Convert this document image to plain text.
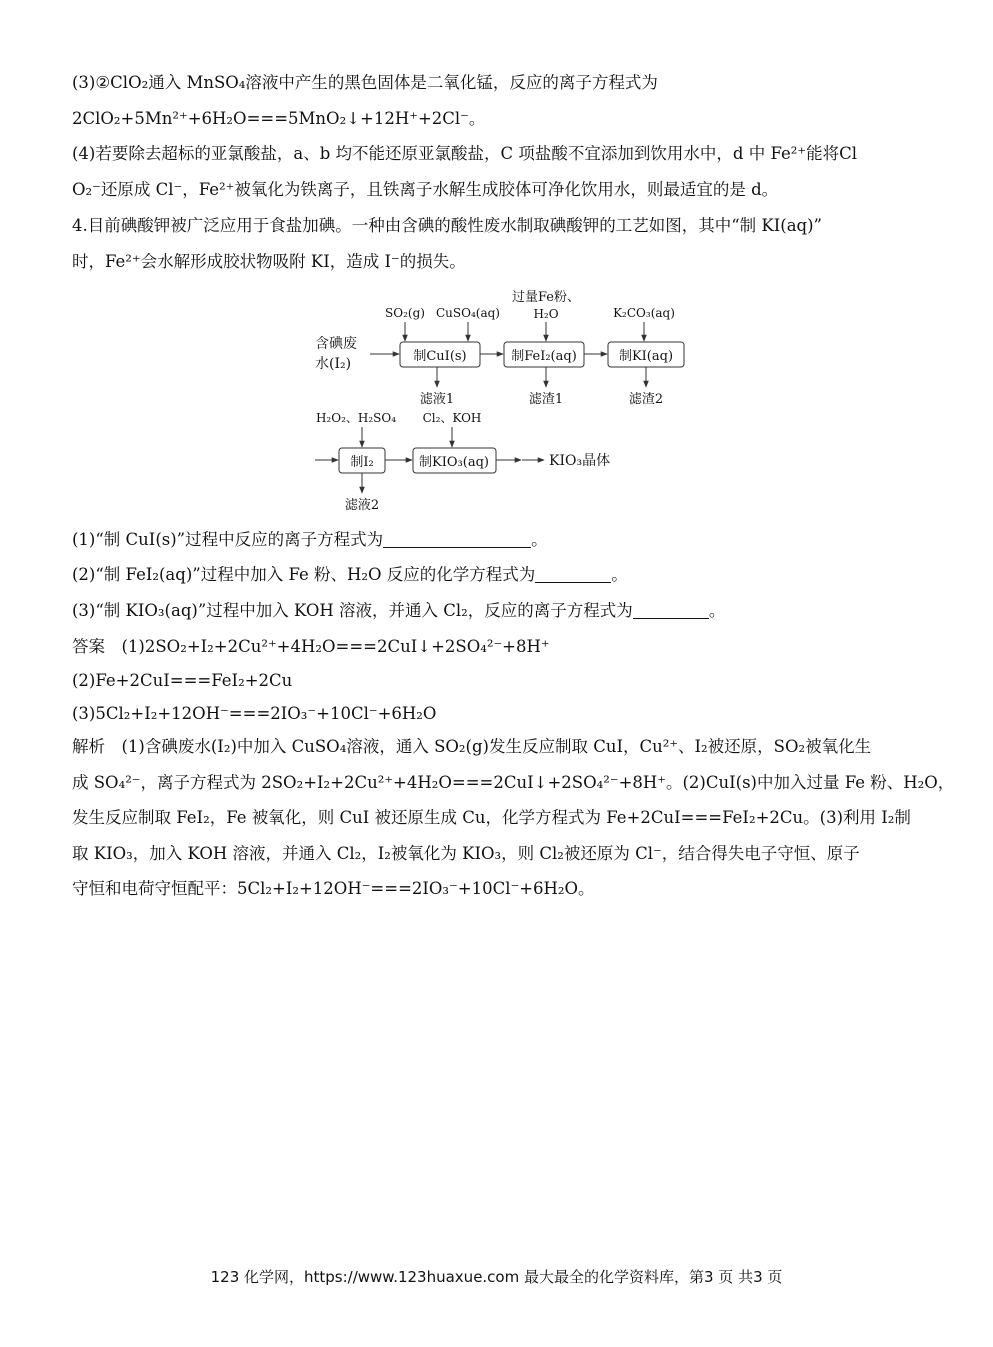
(3)②ClO₂通入 MnSO₄溶液中产生的黑色固体是二氧化锰，反应的离子方程式为
2ClO₂+5Mn²⁺+6H₂O===5MnO₂↓+12H⁺+2Cl⁻。
(4)若要除去超标的亚氯酸盐，a、b 均不能还原亚氯酸盐，C 项盐酸不宜添加到饮用水中，d 中 Fe²⁺能将Cl
O₂⁻还原成 Cl⁻，Fe²⁺被氧化为铁离子，且铁离子水解生成胶体可净化饮用水，则最适宜的是 d。
4.目前碘酸钾被广泛应用于食盐加碘。一种由含碘的酸性废水制取碘酸钾的工艺如图，其中“制 KI(aq)”
时，Fe²⁺会水解形成胶状物吸附 KI，造成 I⁻的损失。
含碘废
水(I₂)	制CuI(s)	制FeI₂(aq)	制KI(aq)
SO₂(g) CuSO₄(aq)
过量Fe粉、
H₂O	K₂CO₃(aq)
滤液1	滤渣1	滤渣2
H₂O₂、H₂SO₄ Cl₂、KOH
制I₂	制KIO₃(aq)	KIO₃晶体
滤液2
(1)“制 CuI(s)”过程中反应的离子方程式为	。
(2)“制 FeI₂(aq)”过程中加入 Fe 粉、H₂O 反应的化学方程式为	。
(3)“制 KIO₃(aq)”过程中加入 KOH 溶液，并通入 Cl₂，反应的离子方程式为	。
答案　(1)2SO₂+I₂+2Cu²⁺+4H₂O===2CuI↓+2SO₄²⁻+8H⁺
(2)Fe+2CuI===FeI₂+2Cu
(3)5Cl₂+I₂+12OH⁻===2IO₃⁻+10Cl⁻+6H₂O
解析　(1)含碘废水(I₂)中加入 CuSO₄溶液，通入 SO₂(g)发生反应制取 CuI，Cu²⁺、I₂被还原，SO₂被氧化生
成 SO₄²⁻，离子方程式为 2SO₂+I₂+2Cu²⁺+4H₂O===2CuI↓+2SO₄²⁻+8H⁺。(2)CuI(s)中加入过量 Fe 粉、H₂O，
发生反应制取 FeI₂，Fe 被氧化，则 CuI 被还原生成 Cu，化学方程式为 Fe+2CuI===FeI₂+2Cu。(3)利用 I₂制
取 KIO₃，加入 KOH 溶液，并通入 Cl₂，I₂被氧化为 KIO₃，则 Cl₂被还原为 Cl⁻，结合得失电子守恒、原子
守恒和电荷守恒配平：5Cl₂+I₂+12OH⁻===2IO₃⁻+10Cl⁻+6H₂O。
123 化学网，https://www.123huaxue.com 最大最全的化学资料库，第3 页 共3 页
